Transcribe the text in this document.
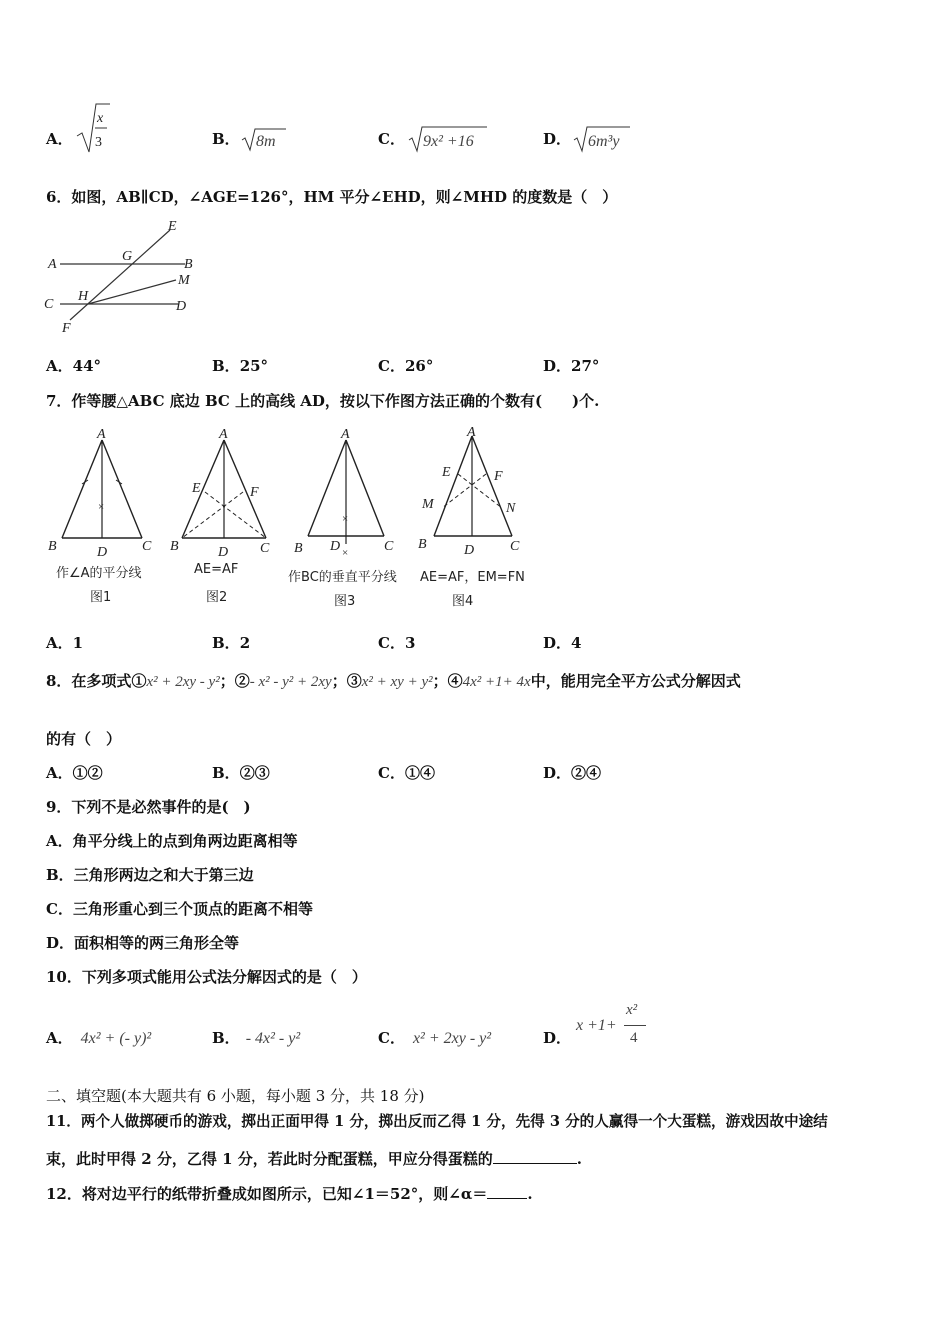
A．
x
3	B． 8m	C． 9x² +16	D． 6m³y
6．如图，AB∥CD，∠AGE=126°，HM 平分∠EHD，则∠MHD 的度数是（　）
A	B
C	D
E
F
G
H
M
A．44°	B．25°	C．26°	D．27°
7．作等腰△ABC 底边 BC 上的高线 AD，按以下作图方法正确的个数有(　　)个.
A
B	C
D
×
作∠A的平分线
图1
A
E	F
B	C
D
AE=AF
图2
×
×
A
B	C
D
作BC的垂直平分线
图3
A
E	F
M	N
B	C
D
AE=AF，EM=FN
图4
A．1	B．2	C．3	D．4
8．在多项式①x² + 2xy - y²；②- x² - y² + 2xy；③x² + xy + y²；④4x² +1+ 4x中，能用完全平方公式分解因式
的有（　）
A．①②	B．②③	C．①④	D．②④
9．下列不是必然事件的是(　)
A．角平分线上的点到角两边距离相等
B．三角形两边之和大于第三边
C．三角形重心到三个顶点的距离不相等
D．面积相等的两三角形全等
10．下列多项式能用公式法分解因式的是（　）
A． 4x² + (- y)²	B． - 4x² - y²	C． x² + 2xy - y²	D．
x +1+
x²
4
二、填空题(本大题共有 6 小题，每小题 3 分，共 18 分)
11．两个人做掷硬币的游戏，掷出正面甲得 1 分，掷出反而乙得 1 分，先得 3 分的人赢得一个大蛋糕，游戏因故中途结
束，此时甲得 2 分，乙得 1 分，若此时分配蛋糕，甲应分得蛋糕的	.
12．将对边平行的纸带折叠成如图所示，已知∠1＝52°，则∠α＝	.
